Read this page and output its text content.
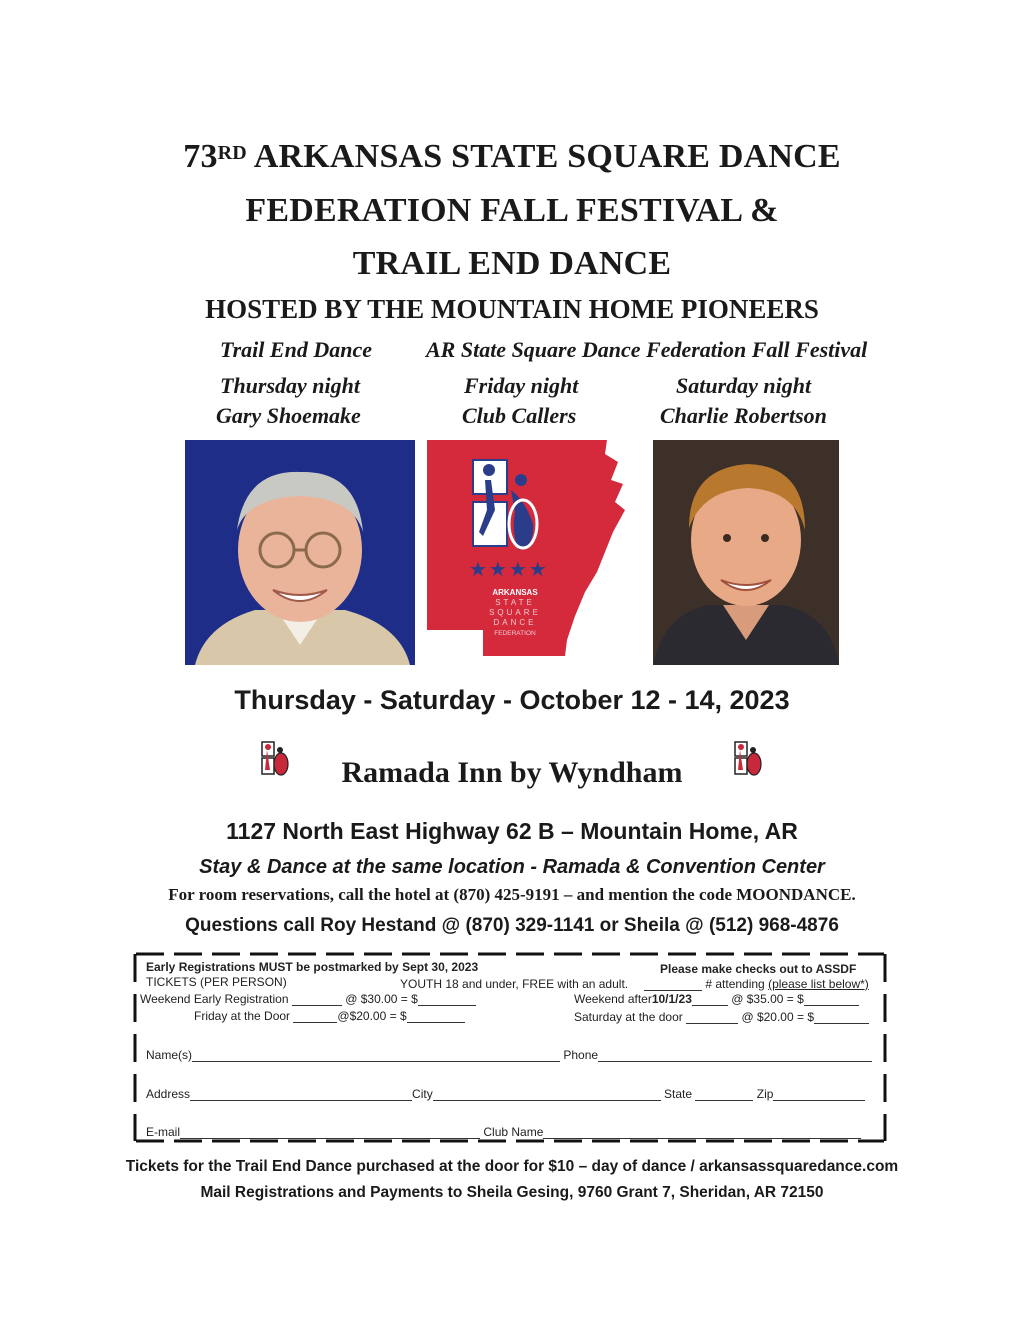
73RD ARKANSAS STATE SQUARE DANCE
FEDERATION FALL FESTIVAL &
TRAIL END DANCE
HOSTED BY THE MOUNTAIN HOME PIONEERS
Trail End Dance AR State Square Dance Federation Fall Festival
Thursday night
Gary Shoemake
Friday night
Club Callers
Saturday night
Charlie Robertson
★★★★
ARKANSAS
STATE
SQUARE
DANCE
FEDERATION
Thursday - Saturday - October 12 - 14, 2023
Ramada Inn by Wyndham
1127 North East Highway 62 B – Mountain Home, AR
Stay & Dance at the same location - Ramada & Convention Center
For room reservations, call the hotel at (870) 425-9191 – and mention the code MOONDANCE.
Questions call Roy Hestand @ (870) 329-1141 or Sheila @ (512) 968-4876
Early Registrations MUST be postmarked by Sept 30, 2023	Please make checks out to ASSDF
TICKETS (PER PERSON)	YOUTH 18 and under, FREE with an adult.	# attending (please list below*)
Weekend Early Registration	@ $30.00 = $	Weekend after10/1/23	@ $35.00 = $
Friday at the Door	@$20.00 = $	Saturday at the door	@ $20.00 = $
Name(s)	Phone
Address	City	State	Zip
E-mail	Club Name
Tickets for the Trail End Dance purchased at the door for $10 – day of dance / arkansassquaredance.com
Mail Registrations and Payments to Sheila Gesing, 9760 Grant 7, Sheridan, AR 72150
